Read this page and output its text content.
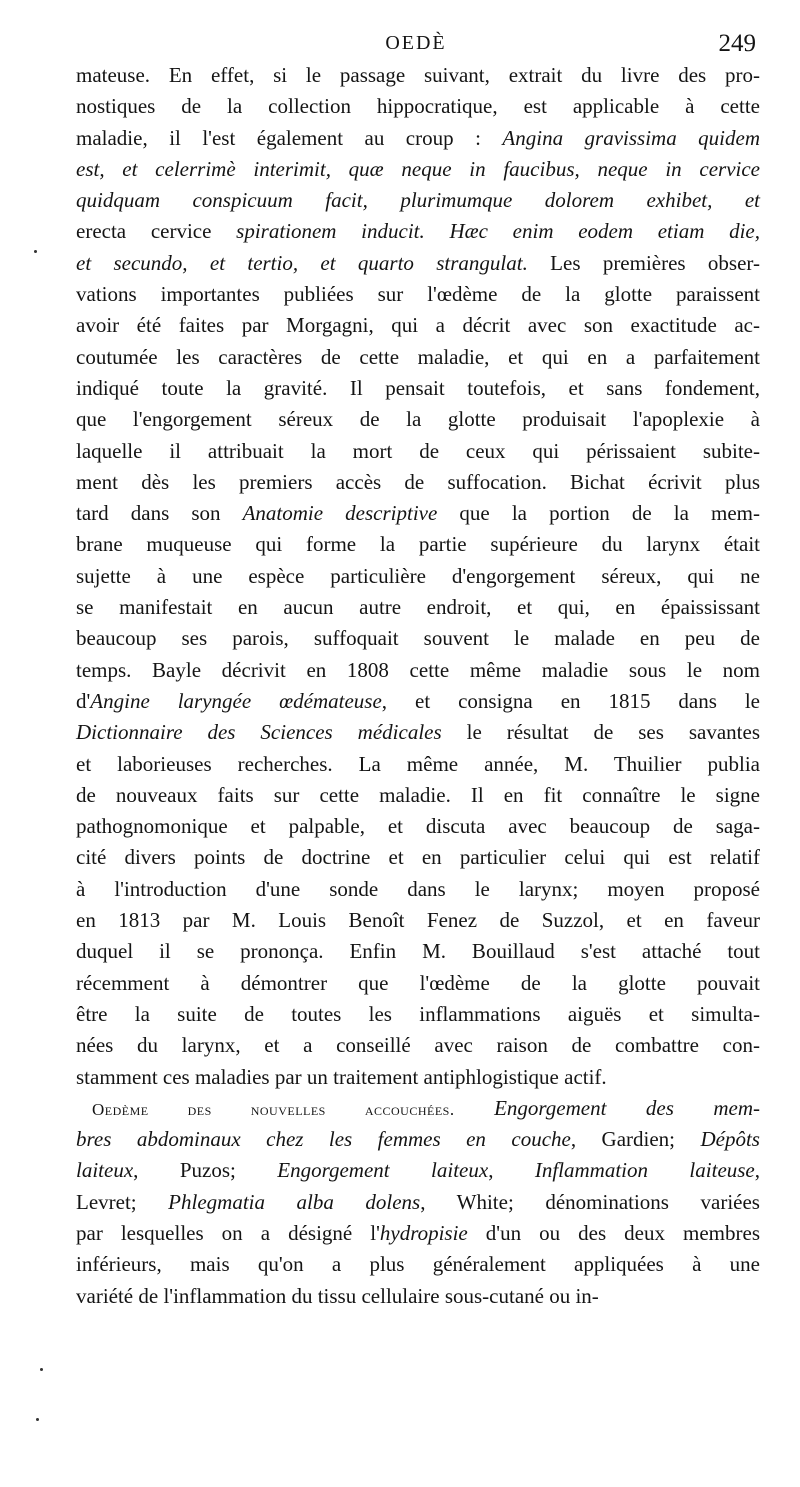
OEDÈ	249
mateuse. En effet, si le passage suivant, extrait du livre des pro-
nostiques de la collection hippocratique, est applicable à cette
maladie, il l'est également au croup : Angina gravissima quidem
est, et celerrimè interimit, quæ neque in faucibus, neque in cervice
quidquam conspicuum facit, plurimumque dolorem exhibet, et
erecta cervice spirationem inducit. Hæc enim eodem etiam die,
et secundo, et tertio, et quarto strangulat. Les premières obser-
vations importantes publiées sur l'œdème de la glotte paraissent
avoir été faites par Morgagni, qui a décrit avec son exactitude ac-
coutumée les caractères de cette maladie, et qui en a parfaitement
indiqué toute la gravité. Il pensait toutefois, et sans fondement,
que l'engorgement séreux de la glotte produisait l'apoplexie à
laquelle il attribuait la mort de ceux qui périssaient subite-
ment dès les premiers accès de suffocation. Bichat écrivit plus
tard dans son Anatomie descriptive que la portion de la mem-
brane muqueuse qui forme la partie supérieure du larynx était
sujette à une espèce particulière d'engorgement séreux, qui ne
se manifestait en aucun autre endroit, et qui, en épaississant
beaucoup ses parois, suffoquait souvent le malade en peu de
temps. Bayle décrivit en 1808 cette même maladie sous le nom
d'Angine laryngée œdémateuse, et consigna en 1815 dans le
Dictionnaire des Sciences médicales le résultat de ses savantes
et laborieuses recherches. La même année, M. Thuilier publia
de nouveaux faits sur cette maladie. Il en fit connaître le signe
pathognomonique et palpable, et discuta avec beaucoup de saga-
cité divers points de doctrine et en particulier celui qui est relatif
à l'introduction d'une sonde dans le larynx; moyen proposé
en 1813 par M. Louis Benoît Fenez de Suzzol, et en faveur
duquel il se prononça. Enfin M. Bouillaud s'est attaché tout
récemment à démontrer que l'œdème de la glotte pouvait
être la suite de toutes les inflammations aiguës et simulta-
nées du larynx, et a conseillé avec raison de combattre con-
stamment ces maladies par un traitement antiphlogistique actif.
Oedème des nouvelles accouchées. Engorgement des mem-
bres abdominaux chez les femmes en couche, Gardien; Dépôts
laiteux, Puzos; Engorgement laiteux, Inflammation laiteuse,
Levret; Phlegmatia alba dolens, White; dénominations variées
par lesquelles on a désigné l'hydropisie d'un ou des deux membres
inférieurs, mais qu'on a plus généralement appliquées à une
variété de l'inflammation du tissu cellulaire sous-cutané ou in-
